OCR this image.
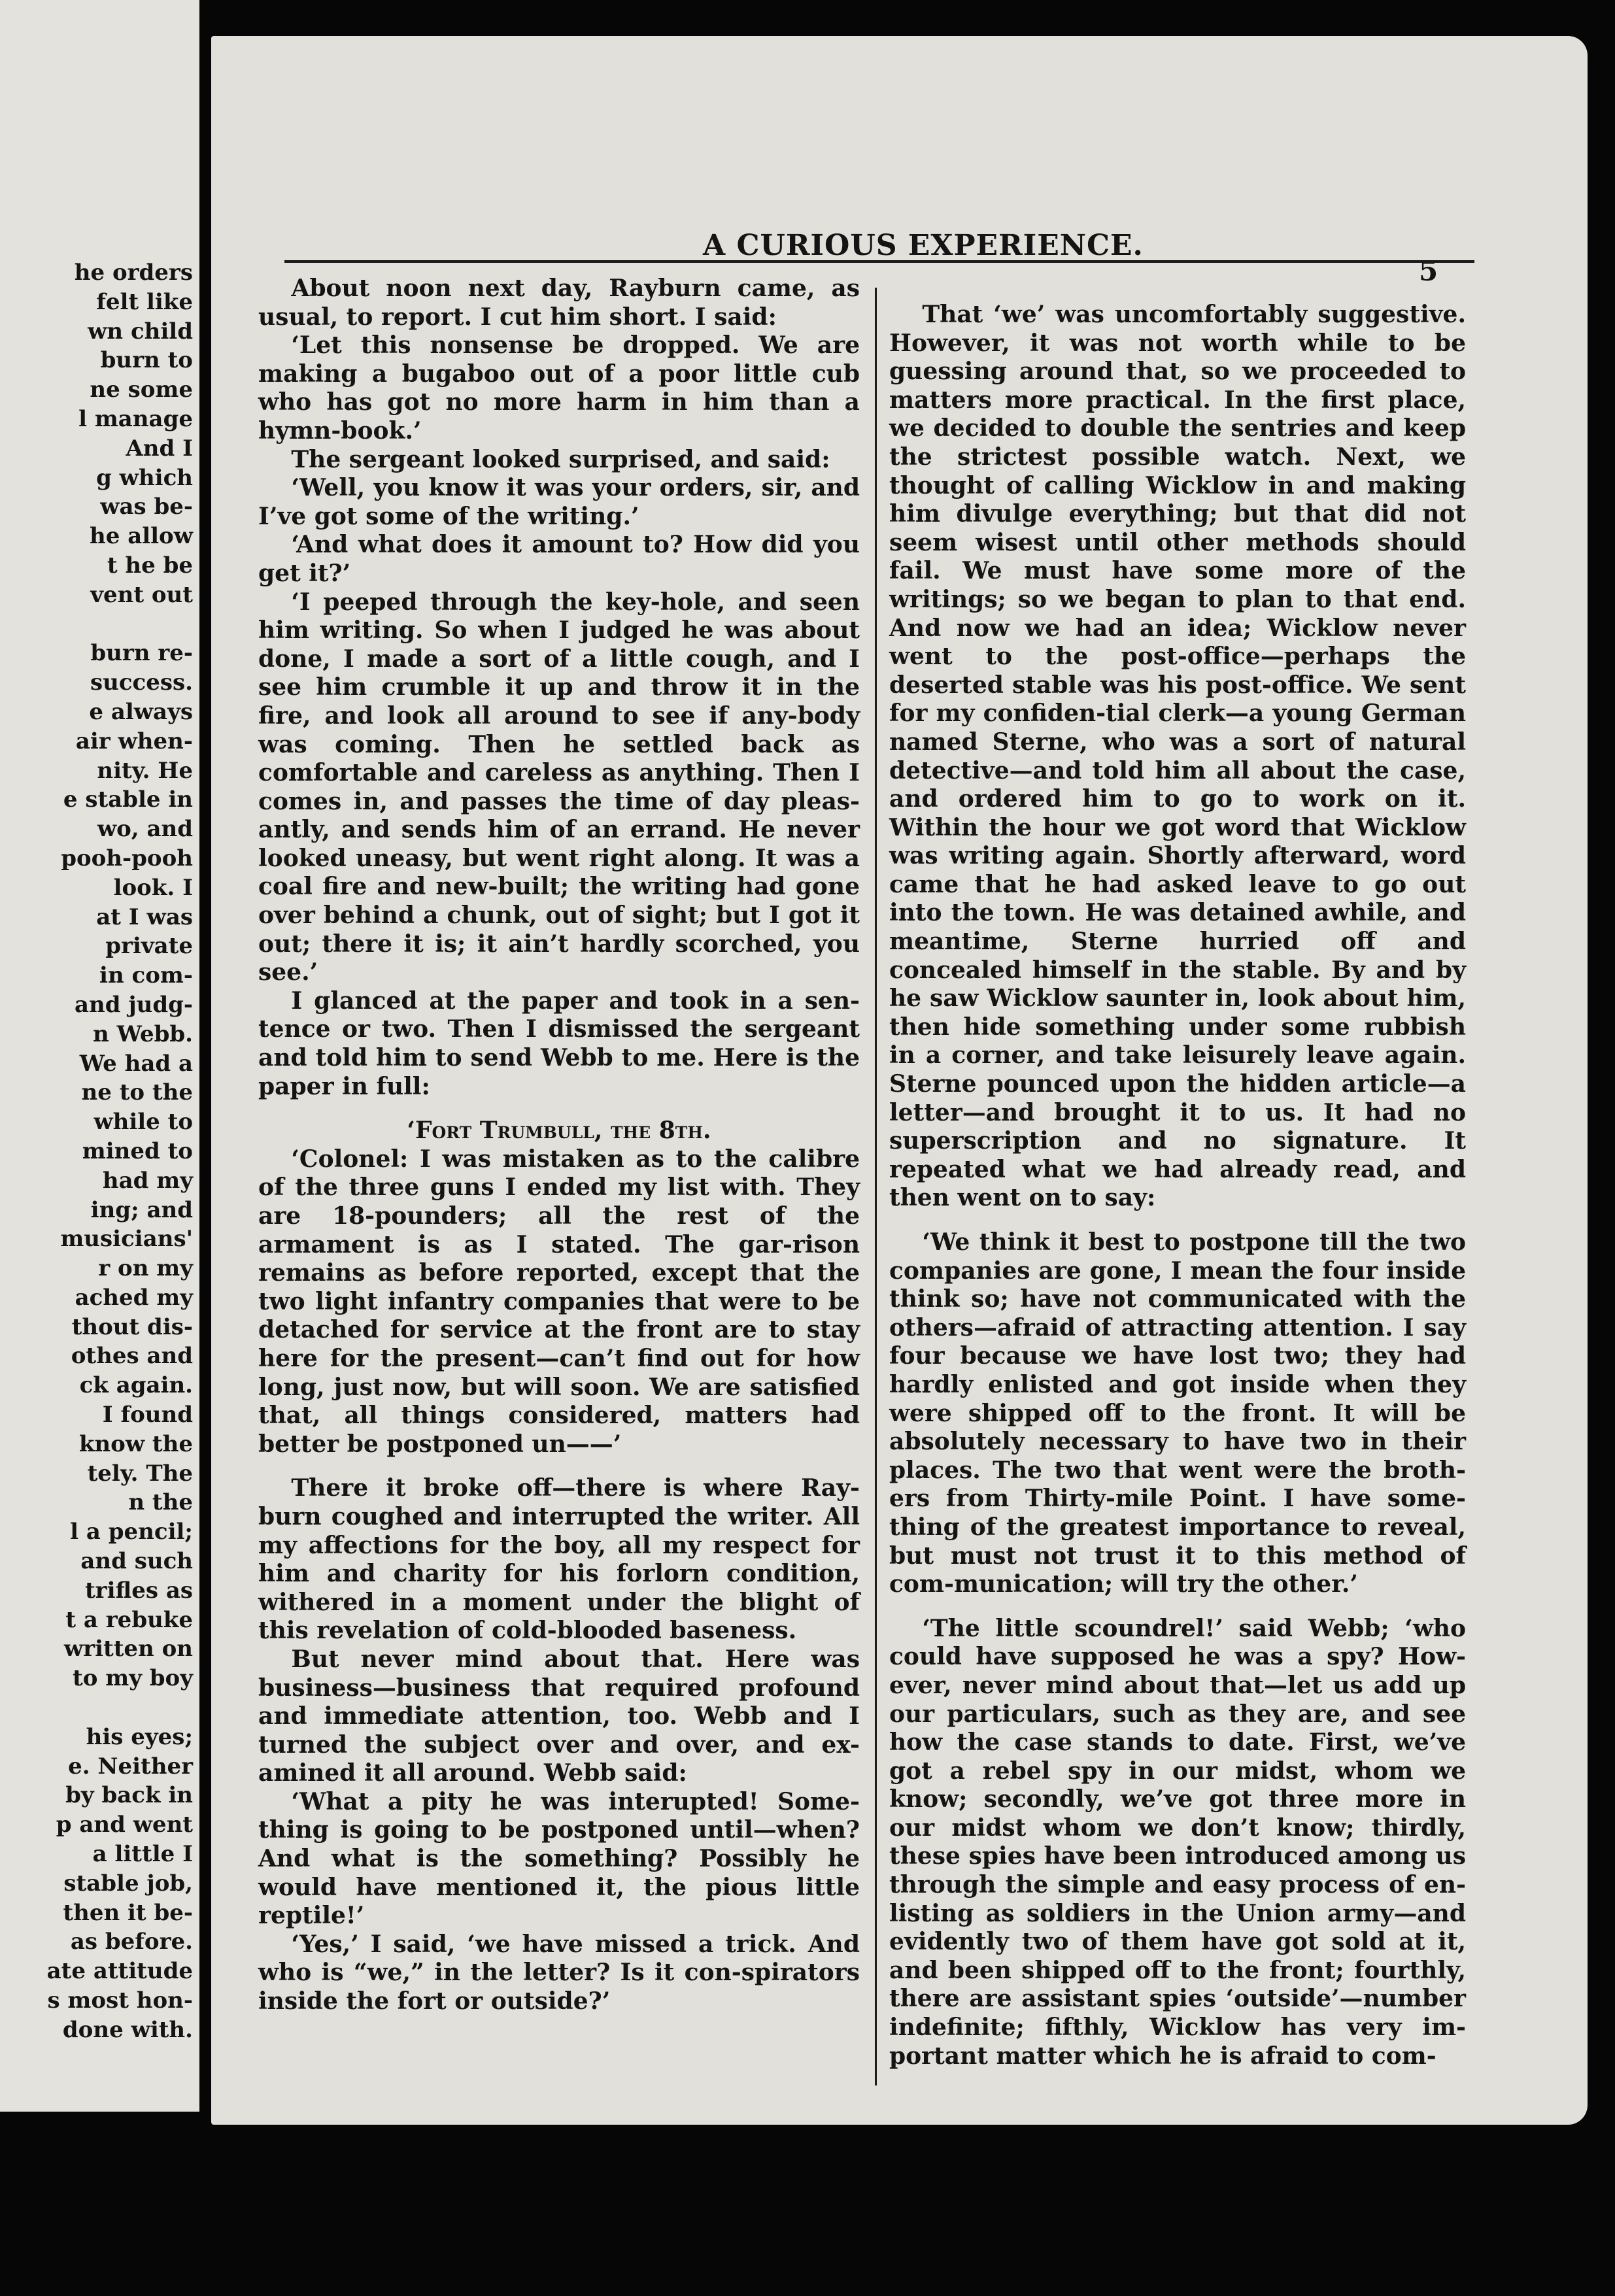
he orders
felt like
wn child
burn to
ne some
l manage
And I
g which
was be-
he allow
t he be
vent out

burn re-
success.
e always
air when-
nity. He
e stable in
wo, and
pooh-pooh
look. I
at I was
private
in com-
and judg-
n Webb.
We had a
ne to the
while to
mined to
had my
ing; and
musicians'
r on my
ached my
thout dis-
othes and
ck again.
I found
know the
tely. The
n the
l a pencil;
and such
trifles as
t a rebuke
written on
to my boy

his eyes;
e. Neither
by back in
p and went
a little I
stable job,
then it be-
as before.
ate attitude
s most hon-
done with.
A CURIOUS EXPERIENCE.
5

About noon next day, Rayburn came, as usual, to report. I cut him short. I said:

‘Let this nonsense be dropped. We are making a bugaboo out of a poor little cub who has got no more harm in him than a hymn-book.’

The sergeant looked surprised, and said:

‘Well, you know it was your orders, sir, and I’ve got some of the writing.’

‘And what does it amount to? How did you get it?’

‘I peeped through the key-hole, and seen him writing. So when I judged he was about done, I made a sort of a little cough, and I see him crumble it up and throw it in the fire, and look all around to see if any-body was coming. Then he settled back as comfortable and careless as anything. Then I comes in, and passes the time of day pleas-antly, and sends him of an errand. He never looked uneasy, but went right along. It was a coal fire and new-built; the writing had gone over behind a chunk, out of sight; but I got it out; there it is; it ain’t hardly scorched, you see.’

I glanced at the paper and took in a sen-tence or two. Then I dismissed the sergeant and told him to send Webb to me. Here is the paper in full:

‘Fort Trumbull, the 8th.

‘Colonel: I was mistaken as to the calibre of the three guns I ended my list with. They are 18-pounders; all the rest of the armament is as I stated. The gar-rison remains as before reported, except that the two light infantry companies that were to be detached for service at the front are to stay here for the present—can’t find out for how long, just now, but will soon. We are satisfied that, all things considered, matters had better be postponed un——’

There it broke off—there is where Ray-burn coughed and interrupted the writer. All my affections for the boy, all my respect for him and charity for his forlorn condition, withered in a moment under the blight of this revelation of cold-blooded baseness.

But never mind about that. Here was business—business that required profound and immediate attention, too. Webb and I turned the subject over and over, and ex-amined it all around. Webb said:

‘What a pity he was interupted! Some-thing is going to be postponed until—when? And what is the something? Possibly he would have mentioned it, the pious little reptile!’

‘Yes,’ I said, ‘we have missed a trick. And who is “we,” in the letter? Is it con-spirators inside the fort or outside?’

That ‘we’ was uncomfortably suggestive. However, it was not worth while to be guessing around that, so we proceeded to matters more practical. In the first place, we decided to double the sentries and keep the strictest possible watch. Next, we thought of calling Wicklow in and making him divulge everything; but that did not seem wisest until other methods should fail. We must have some more of the writings; so we began to plan to that end. And now we had an idea; Wicklow never went to the post-office—perhaps the deserted stable was his post-office. We sent for my confiden-tial clerk—a young German named Sterne, who was a sort of natural detective—and told him all about the case, and ordered him to go to work on it. Within the hour we got word that Wicklow was writing again. Shortly afterward, word came that he had asked leave to go out into the town. He was detained awhile, and meantime, Sterne hurried off and concealed himself in the stable. By and by he saw Wicklow saunter in, look about him, then hide something under some rubbish in a corner, and take leisurely leave again. Sterne pounced upon the hidden article—a letter—and brought it to us. It had no superscription and no signature. It repeated what we had already read, and then went on to say:

‘We think it best to postpone till the two companies are gone, I mean the four inside think so; have not communicated with the others—afraid of attracting attention. I say four because we have lost two; they had hardly enlisted and got inside when they were shipped off to the front. It will be absolutely necessary to have two in their places. The two that went were the broth-ers from Thirty-mile Point. I have some-thing of the greatest importance to reveal, but must not trust it to this method of com-munication; will try the other.’

‘The little scoundrel!’ said Webb; ‘who could have supposed he was a spy? How-ever, never mind about that—let us add up our particulars, such as they are, and see how the case stands to date. First, we’ve got a rebel spy in our midst, whom we know; secondly, we’ve got three more in our midst whom we don’t know; thirdly, these spies have been introduced among us through the simple and easy process of en-listing as soldiers in the Union army—and evidently two of them have got sold at it, and been shipped off to the front; fourthly, there are assistant spies ‘outside’—number indefinite; fifthly, Wicklow has very im-portant matter which he is afraid to com-
